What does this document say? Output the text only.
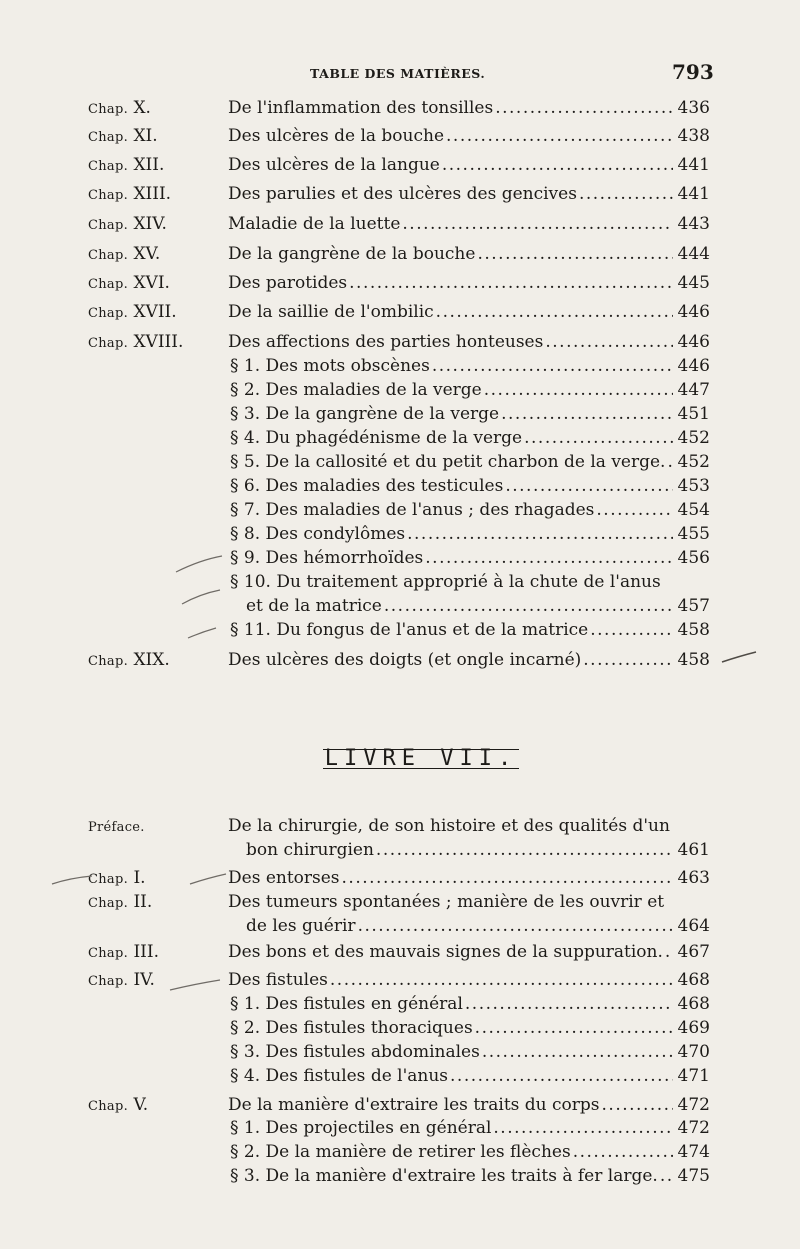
TABLE DES MATIÈRES.	793
Chap. X.	De l'inflammation des tonsilles .....	436
Chap. XI.	Des ulcères de la bouche .....	438
Chap. XII.	Des ulcères de la langue .....	441
Chap. XIII.	Des parulies et des ulcères des gencives .....	441
Chap. XIV.	Maladie de la luette .....	443
Chap. XV.	De la gangrène de la bouche .....	444
Chap. XVI.	Des parotides .....	445
Chap. XVII.	De la saillie de l'ombilic .....	446
Chap. XVIII.	Des affections des parties honteuses .....	446
§ 1. Des mots obscènes .....	446
§ 2. Des maladies de la verge .....	447
§ 3. De la gangrène de la verge .....	451
§ 4. Du phagédénisme de la verge .....	452
§ 5. De la callosité et du petit charbon de la verge. ..... 452
§ 6. Des maladies des testicules .....	453
§ 7. Des maladies de l'anus ; des rhagades .....	454
§ 8. Des condylômes .....	455
§ 9. Des hémorrhoïdes .....	456
§ 10. Du traitement approprié à la chute de l'anus
et de la matrice .....	457
§ 11. Du fongus de l'anus et de la matrice .....	458
Chap. XIX.	Des ulcères des doigts (et ongle incarné) .....	458
LIVRE VII.
Préface.	De la chirurgie, de son histoire et des qualités d'un
bon chirurgien .....	461
Chap. I.	Des entorses .....	463
Chap. II.	Des tumeurs spontanées ; manière de les ouvrir et
de les guérir .....	464
Chap. III.	Des bons et des mauvais signes de la suppuration. ..... 467
Chap. IV.	Des fistules .....	468
§ 1. Des fistules en général .....	468
§ 2. Des fistules thoraciques .....	469
§ 3. Des fistules abdominales .....	470
§ 4. Des fistules de l'anus .....	471
Chap. V.	De la manière d'extraire les traits du corps .....	472
§ 1. Des projectiles en général .....	472
§ 2. De la manière de retirer les flèches .....	474
§ 3. De la manière d'extraire les traits à fer large. ..... 475
